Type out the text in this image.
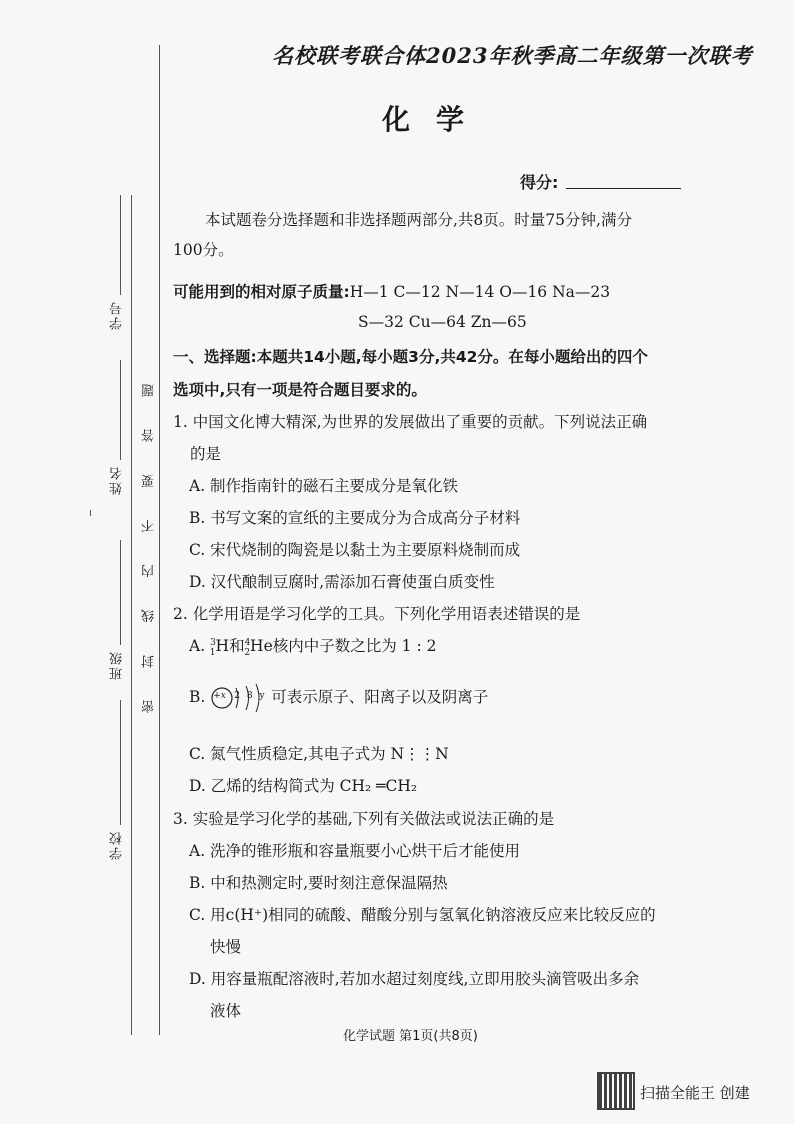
学号
姓名
班级
学校
密 封 线 内 不 要 答 题
名校联考联合体2023年秋季高二年级第一次联考
化学
得分:
本试题卷分选择题和非选择题两部分,共8页。时量75分钟,满分
100分。
可能用到的相对原子质量:H—1 C—12 N—14 O—16 Na—23
S—32 Cu—64 Zn—65
一、选择题:本题共14小题,每小题3分,共42分。在每小题给出的四个
选项中,只有一项是符合题目要求的。
1. 中国文化博大精深,为世界的发展做出了重要的贡献。下列说法正确
的是
A. 制作指南针的磁石主要成分是氧化铁
B. 书写文案的宣纸的主要成分为合成高分子材料
C. 宋代烧制的陶瓷是以黏土为主要原料烧制而成
D. 汉代酿制豆腐时,需添加石膏使蛋白质变性
2. 化学用语是学习化学的工具。下列化学用语表述错误的是
A. $^3_1$H和$^4_2$He核内中子数之比为 1 : 2
B. +x 2 8 y 可表示原子、阳离子以及阴离子
C. 氮气性质稳定,其电子式为 N⋮⋮N
D. 乙烯的结构简式为 CH₂ ═CH₂
3. 实验是学习化学的基础,下列有关做法或说法正确的是
A. 洗净的锥形瓶和容量瓶要小心烘干后才能使用
B. 中和热测定时,要时刻注意保温隔热
C. 用c(H⁺)相同的硫酸、醋酸分别与氢氧化钠溶液反应来比较反应的
快慢
D. 用容量瓶配溶液时,若加水超过刻度线,立即用胶头滴管吸出多余
液体
化学试题 第1页(共8页)
扫描全能王 创建
